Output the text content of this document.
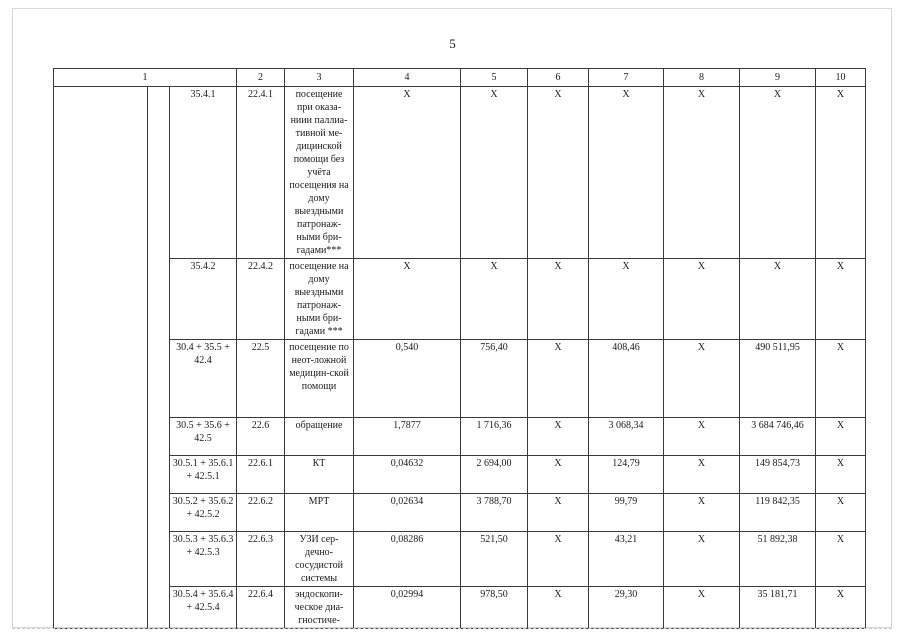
5
1			2	3	4	5	6	7	8	9	10
		35.4.1	22.4.1	посещение при оказа-ниии паллиа-тивной ме-дицинской помощи без учёта посещения на дому выездными патронаж-ными бри-гадами***	Х	Х	Х	Х	Х	Х	Х
		35.4.2	22.4.2	посещение на дому выездными патронаж-ными бри-гадами ***	Х	Х	Х	Х	Х	Х	Х
		30.4 + 35.5 + 42.4	22.5	посещение по неот-ложной медицин-ской помощи	0,540	756,40	Х	408,46	Х	490 511,95	Х
		30.5 + 35.6 + 42.5	22.6	обращение	1,7877	1 716,36	Х	3 068,34	Х	3 684 746,46	Х
		30.5.1 + 35.6.1 + 42.5.1	22.6.1	КТ	0,04632	2 694,00	Х	124,79	Х	149 854,73	Х
		30.5.2 + 35.6.2 + 42.5.2	22.6.2	МРТ	0,02634	3 788,70	Х	99,79	Х	119 842,35	Х
		30.5.3 + 35.6.3 + 42.5.3	22.6.3	УЗИ сер-дечно-сосудистой системы	0,08286	521,50	Х	43,21	Х	51 892,38	Х
		30.5.4 + 35.6.4 + 42.5.4	22.6.4	эндоскопи-ческое диа-гностиче-	0,02994	978,50	Х	29,30	Х	35 181,71	Х
